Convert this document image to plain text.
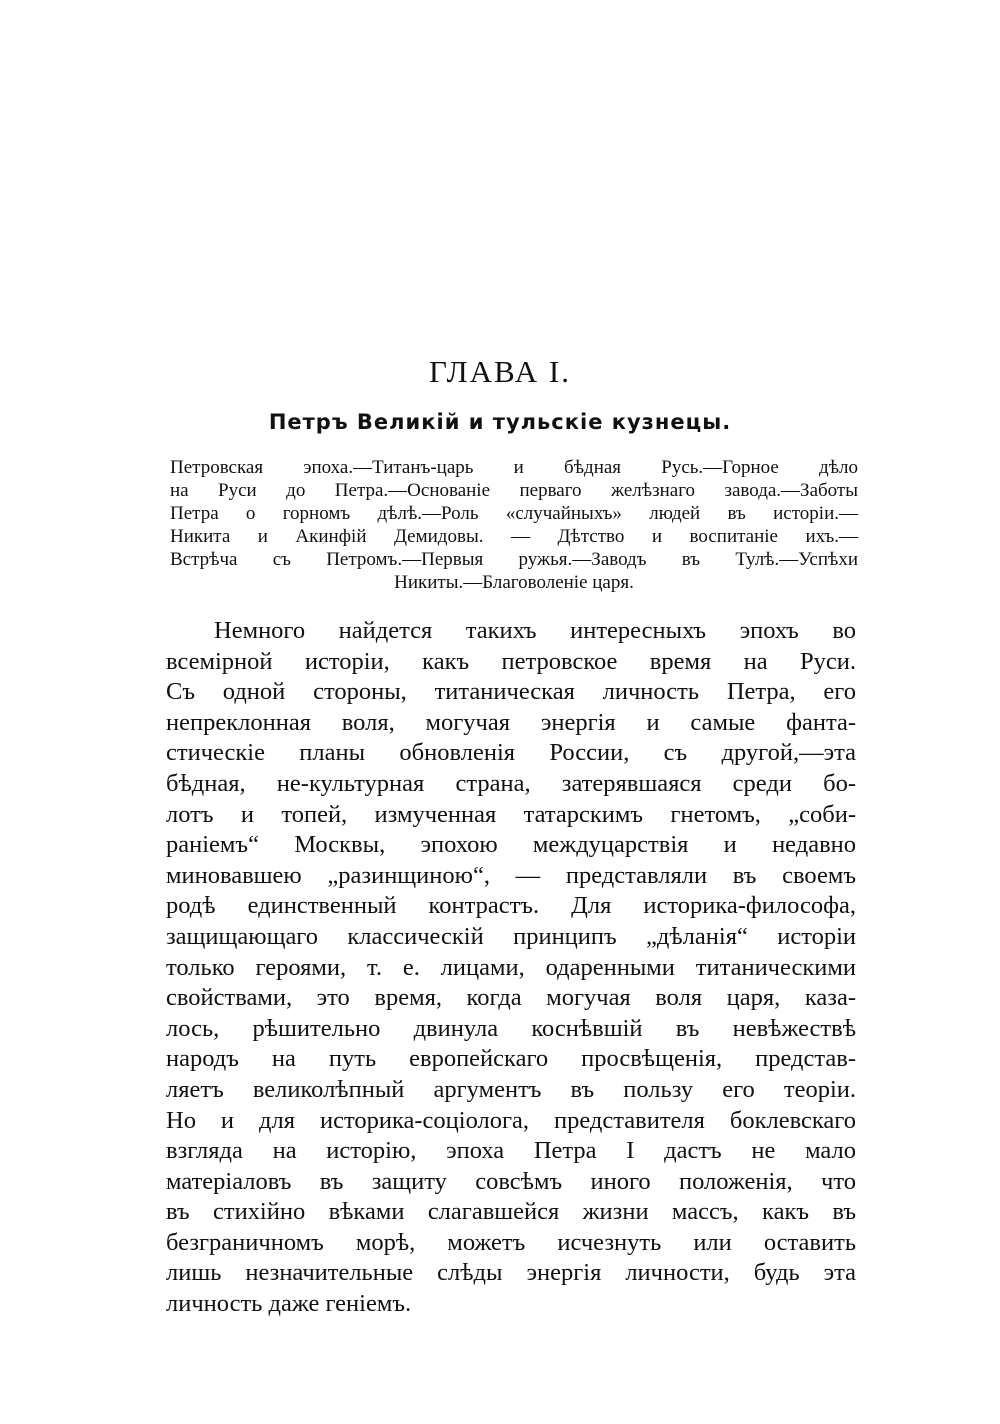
ГЛАВА I.
Петръ Великій и тульскіе кузнецы.
Петровская эпоха.—Титанъ-царь и бѣдная Русь.—Горное дѣло
на Руси до Петра.—Основаніе перваго желѣзнаго завода.—Заботы
Петра о горномъ дѣлѣ.—Роль «случайныхъ» людей въ исторіи.—
Никита и Акинфій Демидовы. — Дѣтство и воспитаніе ихъ.—
Встрѣча съ Петромъ.—Первыя ружья.—Заводъ въ Тулѣ.—Успѣхи
Никиты.—Благоволеніе царя.
Немного найдется такихъ интересныхъ эпохъ во
всемірной исторіи, какъ петровское время на Руси.
Съ одной стороны, титаническая личность Петра, его
непреклонная воля, могучая энергія и самые фанта-
стическіе планы обновленія России, съ другой,—эта
бѣдная, не-культурная страна, затерявшаяся среди бо-
лотъ и топей, измученная татарскимъ гнетомъ, „соби-
раніемъ“ Москвы, эпохою междуцарствія и недавно
миновавшею „разинщиною“, — представляли въ своемъ
родѣ единственный контрастъ. Для историка-философа,
защищающаго классическій принципъ „дѣланія“ исторіи
только героями, т. е. лицами, одаренными титаническими
свойствами, это время, когда могучая воля царя, каза-
лось, рѣшительно двинула коснѣвшій въ невѣжествѣ
народъ на путь европейскаго просвѣщенія, представ-
ляетъ великолѣпный аргументъ въ пользу его теоріи.
Но и для историка-соціолога, представителя боклевскаго
взгляда на исторію, эпоха Петра I дастъ не мало
матеріаловъ въ защиту совсѣмъ иного положенія, что
въ стихійно вѣками слагавшейся жизни массъ, какъ въ
безграничномъ морѣ, можетъ исчезнуть или оставить
лишь незначительные слѣды энергія личности, будь эта
личность даже геніемъ.
